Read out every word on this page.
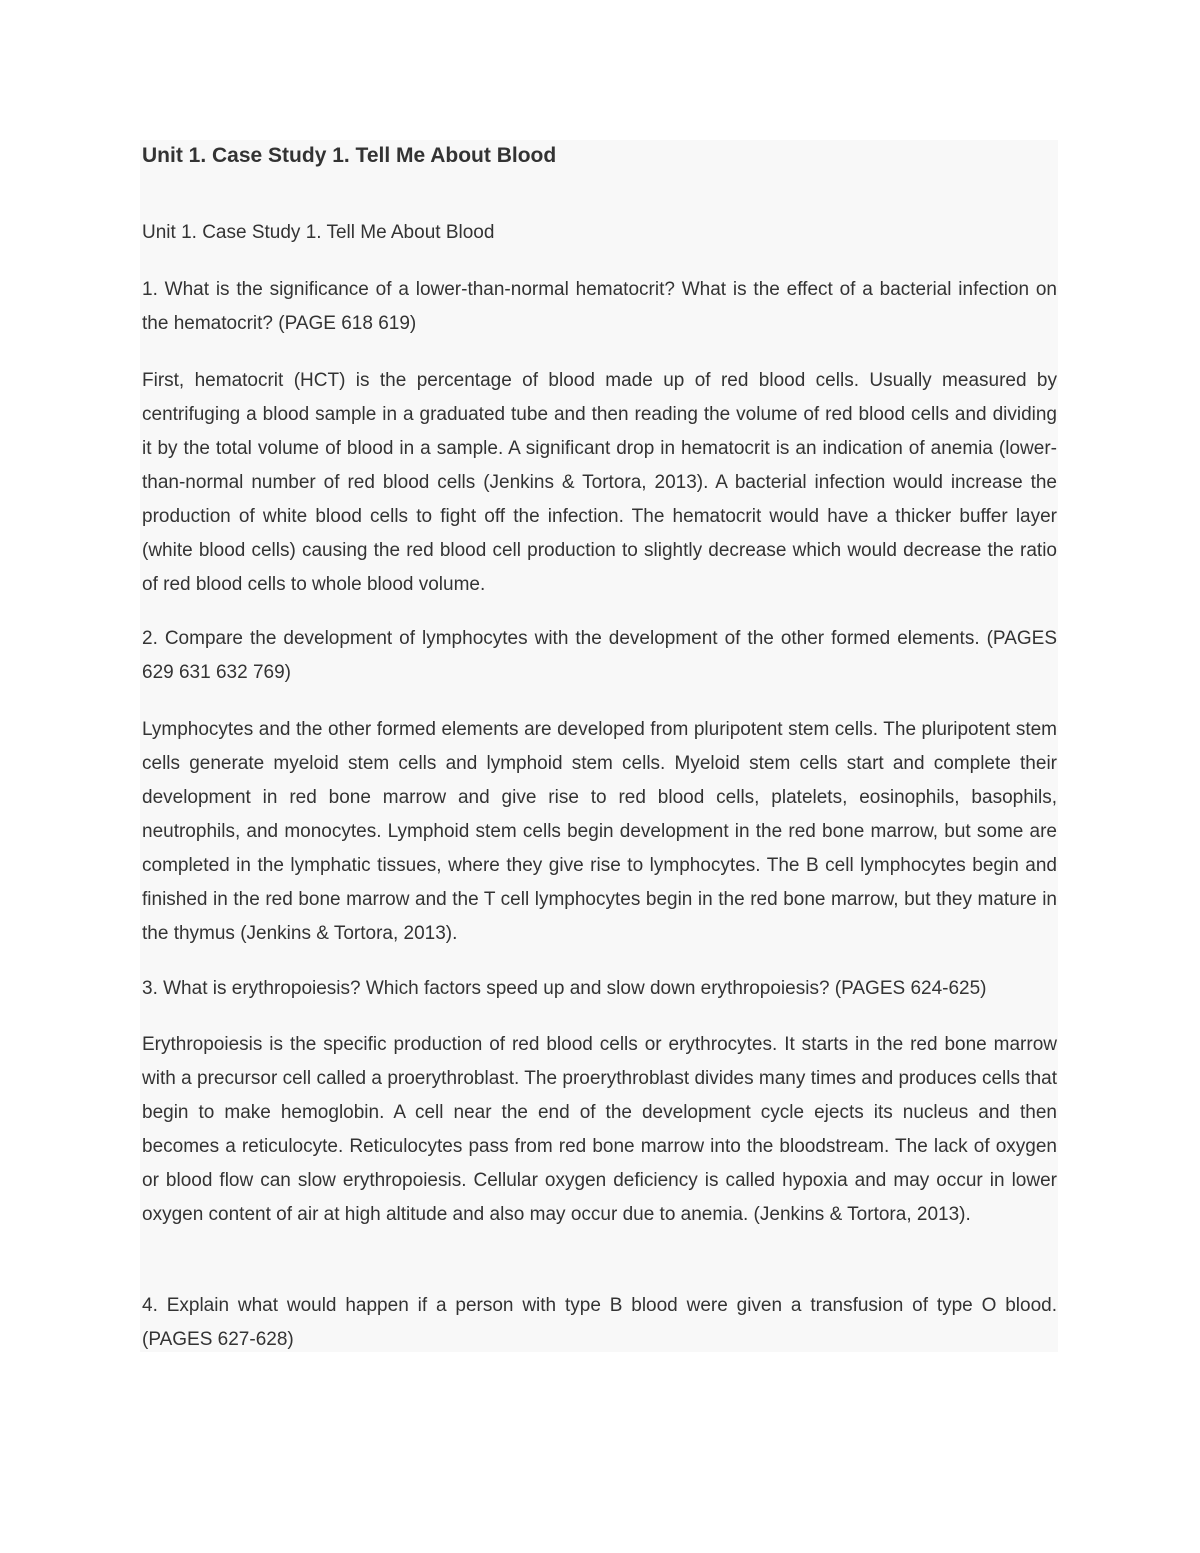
Unit 1. Case Study 1. Tell Me About Blood

Unit 1. Case Study 1. Tell Me About Blood

1. What is the significance of a lower-than-normal hematocrit? What is the effect of a bacterial infection on the hematocrit? (PAGE 618 619)

First, hematocrit (HCT) is the percentage of blood made up of red blood cells. Usually measured by centrifuging a blood sample in a graduated tube and then reading the volume of red blood cells and dividing it by the total volume of blood in a sample. A significant drop in hematocrit is an indication of anemia (lower-than-normal number of red blood cells (Jenkins & Tortora, 2013). A bacterial infection would increase the production of white blood cells to fight off the infection. The hematocrit would have a thicker buffer layer (white blood cells) causing the red blood cell production to slightly decrease which would decrease the ratio of red blood cells to whole blood volume.

2. Compare the development of lymphocytes with the development of the other formed elements. (PAGES 629 631 632 769)

Lymphocytes and the other formed elements are developed from pluripotent stem cells. The pluripotent stem cells generate myeloid stem cells and lymphoid stem cells. Myeloid stem cells start and complete their development in red bone marrow and give rise to red blood cells, platelets, eosinophils, basophils, neutrophils, and monocytes. Lymphoid stem cells begin development in the red bone marrow, but some are completed in the lymphatic tissues, where they give rise to lymphocytes. The B cell lymphocytes begin and finished in the red bone marrow and the T cell lymphocytes begin in the red bone marrow, but they mature in the thymus (Jenkins & Tortora, 2013).

3. What is erythropoiesis? Which factors speed up and slow down erythropoiesis? (PAGES 624-625)

Erythropoiesis is the specific production of red blood cells or erythrocytes. It starts in the red bone marrow with a precursor cell called a proerythroblast. The proerythroblast divides many times and produces cells that begin to make hemoglobin. A cell near the end of the development cycle ejects its nucleus and then becomes a reticulocyte. Reticulocytes pass from red bone marrow into the bloodstream. The lack of oxygen or blood flow can slow erythropoiesis. Cellular oxygen deficiency is called hypoxia and may occur in lower oxygen content of air at high altitude and also may occur due to anemia. (Jenkins & Tortora, 2013).

4. Explain what would happen if a person with type B blood were given a transfusion of type O blood. (PAGES 627-628)
